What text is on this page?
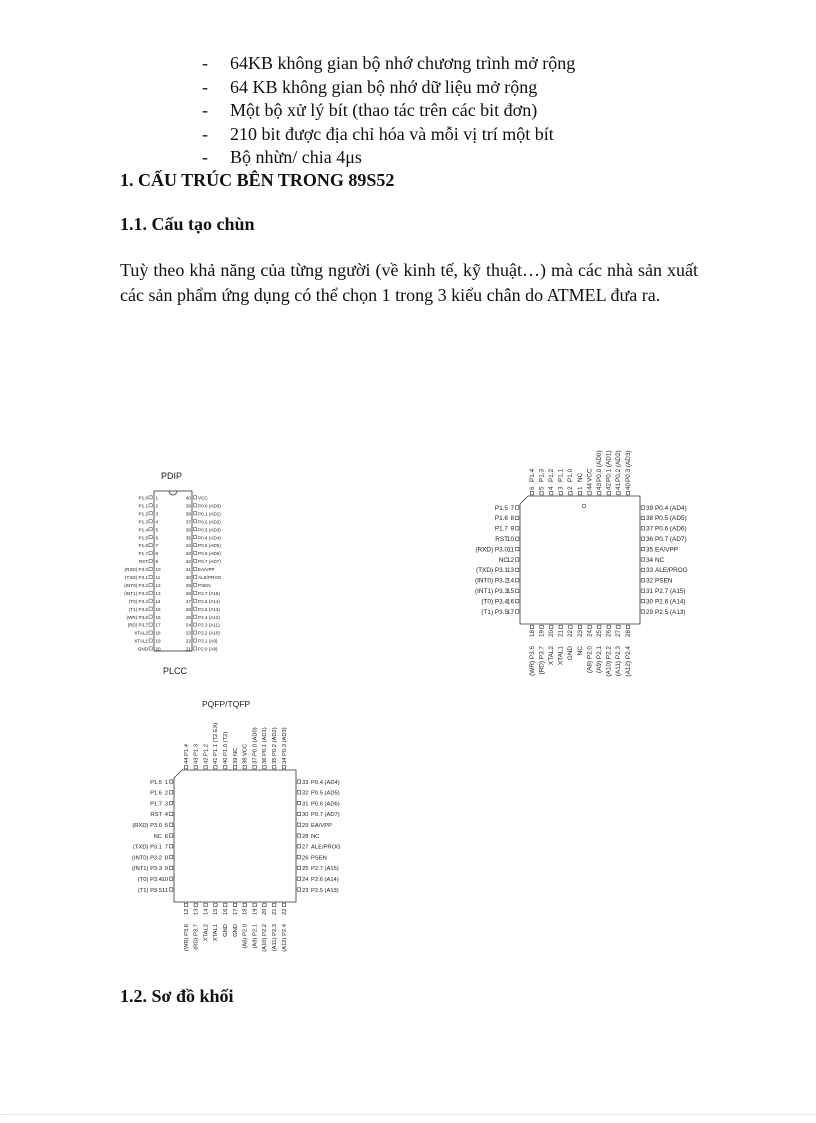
- 64KB không gian bộ nhớ chương trình mở rộng
- 64 KB không gian bộ nhớ dữ liệu mở rộng
- Một bộ xử lý bít (thao tác trên các bit đơn)
- 210 bit được địa chỉ hóa và mỗi vị trí một bít
- Bộ nhừn/ chia 4μs
1. CẤU TRÚC BÊN TRONG 89S52
1.1. Cấu tạo chùn

Tuỳ theo khả năng của từng người (về kinh tế, kỹ thuật…) mà các nhà sản xuất các sản phẩm ứng dụng có thể chọn 1 trong 3 kiểu chân do ATMEL đưa ra.

PDIP
P1.0 1
P1.1 2
P1.2 3
P1.3 4
P1.4 5
P1.5 6
P1.6 7
P1.7 8
RST 9
(RXD) P3.0 10
(TXD) P3.1 11
(INT0) P3.2 12
(INT1) P3.3 13
(T0) P3.4 14
(T1) P3.5 15
(WR) P3.6 16
(RD) P3.7 17
XTAL2 18
XTAL1 19
GND 20
VCC
40
P0.0 (AD0)
39
P0.1 (AD1)
38
P0.2 (AD2)
37
P0.3 (AD3)
36
P0.4 (AD4)
35
P0.5 (AD5)
34
P0.6 (AD6)
33
P0.7 (AD7)
32
EA/VPP
31
ALE/PROG
30
PSEN
29
P2.7 (A15)
28
P2.6 (A14)
27
P2.5 (A13)
26
P2.4 (A12)
25
P2.3 (A11)
24
P2.2 (A10)
23
P2.1 (A9)
22
P2.0 (A8)
21
PLCC
P1.5 7
P1.6 8
P1.7 9
RST
10
(RXD) P3.0 11
NC
12
(TXD) P3.1
13
(INT0) P3.2
14
(INT1) P3.3
15
(T0) P3.4
16
(T1) P3.5
17
39 P0.4 (AD4)
38 P0.5 (AD5)
37 P0.6 (AD6)
36 P0.7 (AD7)
35 EA/VPP
34 NC
33 ALE/PROG
32 PSEN
31 P2.7 (A15)
30 P2.6 (A14)
29 P2.5 (A13)
6
P1.4
5
P1.3
4
P1.2
3
P1.1
2
P1.0
1
NC
44
VCC
43
P0.0 (AD0)
42
P0.1 (AD1)
41
P0.2 (AD2)
40
P0.3 (AD3)
18
(WR) P3.6
19
(RD) P3.7
20
XTAL2
21
XTAL1
22
GND
23
NC
24
(A8) P2.0
25
(A9) P2.1
26
(A10) P2.2
27
(A11) P2.3
28
(A12) P2.4
PQFP/TQFP
P1.5 1
P1.6 2
P1.7 3
RST 4
(RXD) P3.0 5
NC 6
(TXD) P3.1 7
(INT0) P3.2 8
(INT1) P3.3 9
(T0) P3.4 10
(T1) P3.5 11
33 P0.4 (AD4)
32 P0.5 (AD5)
31 P0.6 (AD6)
30 P0.7 (AD7)
29 EA/VPP
28 NC
27 ALE/PROG
26 PSEN
25 P2.7 (A15)
24 P2.6 (A14)
23 P2.5 (A13)
44
P1.4
43
P1.3
42
P1.2
41
P1.1 (T2 EX)
40
P1.0 (T2)
39
NC
38
VCC
37
P0.0 (AD0)
36
P0.1 (AD1)
35
P0.2 (AD2)
34
P0.3 (AD3)
12
(WR) P3.6
13
(RD) P3.7
14
XTAL2
15
XTAL1
16
GND
17
GND
18
(A8) P2.0
19
(A9) P2.1
20
(A10) P2.2
21
(A11) P2.3
22
(A12) P2.4
1.2. Sơ đồ khối
